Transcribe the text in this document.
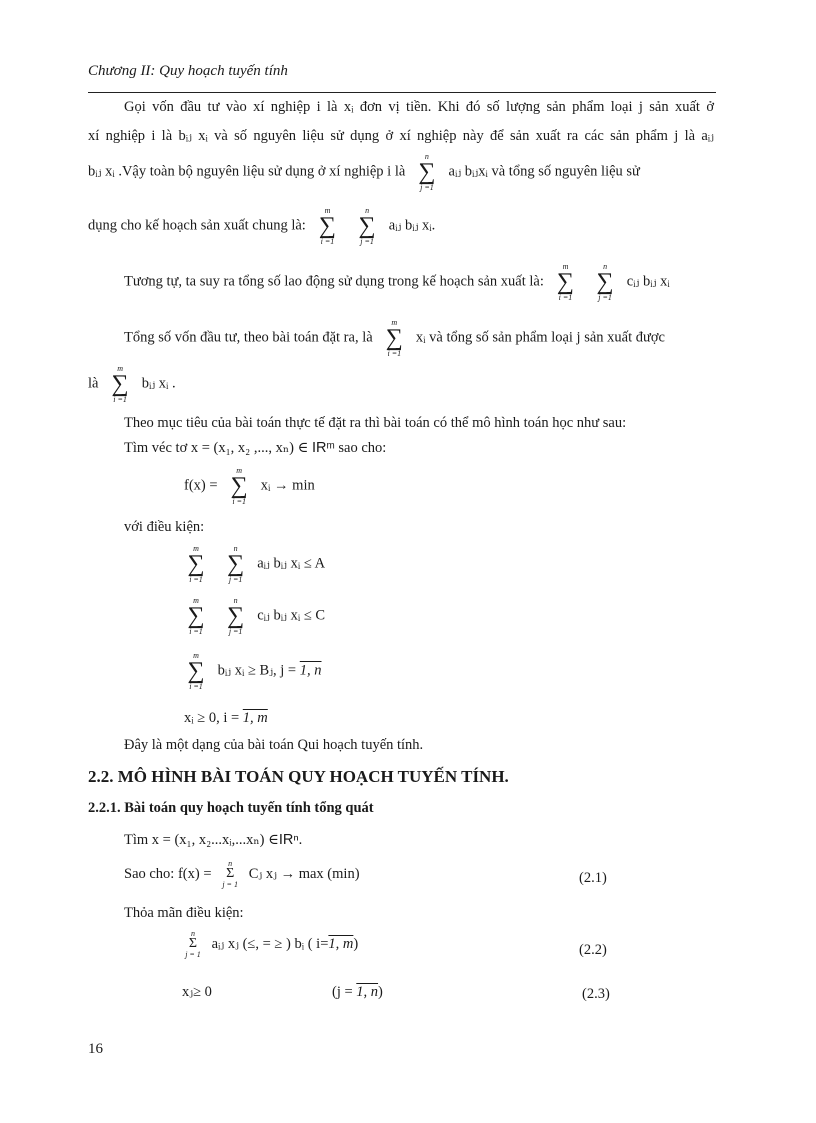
Chương II: Quy hoạch tuyến tính
Gọi vốn đầu tư vào xí nghiệp i là xᵢ đơn vị tiền. Khi đó số lượng sản phẩm loại j sản xuất ở
xí nghiệp i là bᵢⱼ xᵢ và số nguyên liệu sử dụng ở xí nghiệp này để sản xuất ra các sản phẩm j là aᵢⱼ
bᵢⱼ xᵢ .Vậy toàn bộ nguyên liệu sử dụng ở xí nghiệp i là
n
∑
j =1
aᵢⱼ bᵢⱼxᵢ và tổng số nguyên liệu sử
dụng cho kế hoạch sản xuất chung là:
m
∑
i =1

n
∑
j =1
aᵢⱼ bᵢⱼ xᵢ.
Tương tự, ta suy ra tổng số lao động sử dụng trong kế hoạch sản xuất là:
m
∑
i =1

n
∑
j =1
cᵢⱼ bᵢⱼ xᵢ
Tổng số vốn đầu tư, theo bài toán đặt ra, là
m
∑
i =1
xᵢ và tổng số sản phẩm loại j sản xuất được
là
m
∑
i =1
bᵢⱼ xᵢ .
Theo mục tiêu của bài toán thực tế đặt ra thì bài toán có thể mô hình toán học như sau:
Tìm véc tơ x = (x₁, x₂ ,..., xₙ) ∈ IRᵐ sao cho:
f(x) =
m
∑
i =1
xᵢ → min
với điều kiện:
m
∑
i =1

n
∑
j =1
aᵢⱼ bᵢⱼ xᵢ ≤ A
m
∑
i =1

n
∑
j =1
cᵢⱼ bᵢⱼ xᵢ ≤ C
m
∑
i =1
bᵢⱼ xᵢ ≥ Bⱼ, j = 1, n
xᵢ ≥ 0, i = 1, m
Đây là một dạng của bài toán Qui hoạch tuyến tính.
2.2. MÔ HÌNH BÀI TOÁN QUY HOẠCH TUYẾN TÍNH.
2.2.1. Bài toán quy hoạch tuyến tính tổng quát
Tìm x = (x₁, x₂...xᵢ,...xₙ) ∈IRⁿ.
Sao cho: f(x) =
n
Σ
j = 1
Cⱼ xⱼ → max (min)	(2.1)
Thỏa mãn điều kiện:
n
Σ
j = 1
aᵢⱼ xⱼ (≤, = ≥ ) bᵢ ( i=1, m)	(2.2)
xⱼ≥ 0	(j = 1, n)	(2.3)
16
